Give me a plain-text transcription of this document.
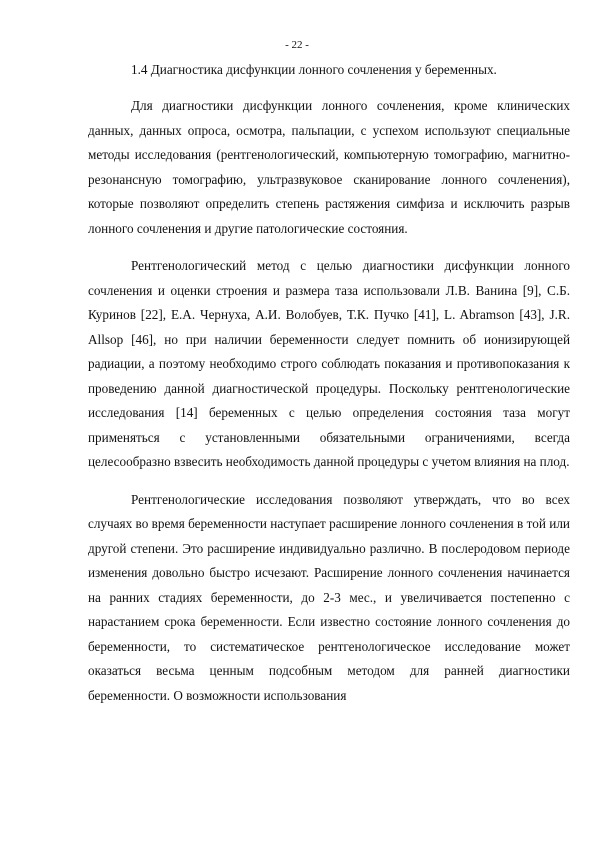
- 22 -
1.4 Диагностика дисфункции лонного сочленения у беременных.

Для диагностики дисфункции лонного сочленения, кроме клинических данных, данных опроса, осмотра, пальпации, с успехом используют специальные методы исследования (рентгенологический, компьютерную томографию, магнитно-резонансную томографию, ультразвуковое сканирование лонного сочленения), которые позволяют определить степень растяжения симфиза и исключить разрыв лонного сочленения и другие патологические состояния.

Рентгенологический метод с целью диагностики дисфункции лонного сочленения и оценки строения и размера таза использовали Л.В. Ванина [9], С.Б. Куринов [22], Е.А. Чернуха, А.И. Волобуев, Т.К. Пучко [41], L. Abramson [43], J.R. Allsop [46], но при наличии беременности следует помнить об ионизирующей радиации, а поэтому необходимо строго соблюдать показания и противопоказания к проведению данной диагностической процедуры. Поскольку рентгенологические исследования [14] беременных с целью определения состояния таза могут применяться с установленными обязательными ограничениями, всегда целесообразно взвесить необходимость данной процедуры с учетом влияния на плод.

Рентгенологические исследования позволяют утверждать, что во всех случаях во время беременности наступает расширение лонного сочленения в той или другой степени. Это расширение индивидуально различно. В послеродовом периоде изменения довольно быстро исчезают. Расширение лонного сочленения начинается на ранних стадиях беременности, до 2-3 мес., и увеличивается постепенно с нарастанием срока беременности. Если известно состояние лонного сочленения до беременности, то систематическое рентгенологическое исследование может оказаться весьма ценным подсобным методом для ранней диагностики беременности. О возможности использования
